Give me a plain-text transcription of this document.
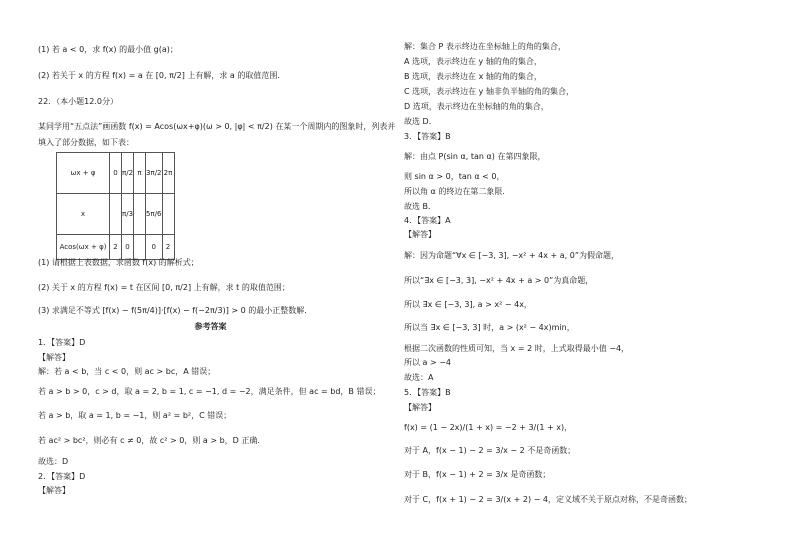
(1) 若 a < 0，求 f(x) 的最小值 g(a)；
(2) 若关于 x 的方程 f(x) = a 在 [0, π/2] 上有解，求 a 的取值范围．
22．（本小题12.0分）
某同学用“五点法”画函数 f(x) = Acos(ωx+φ)(ω > 0, |φ| < π/2) 在某一个周期内的图象时，列表并
填入了部分数据，如下表：
ωx + φ	0	π/2	π	3π/2	2π
x		π/3		5π/6	
Acos(ωx + φ)	2	0		0	2
(1) 请根据上表数据，求函数 f(x) 的解析式；
(2) 关于 x 的方程 f(x) = t 在区间 [0, π/2] 上有解，求 t 的取值范围；
(3) 求满足不等式 [f(x) − f(5π/4)]·[f(x) − f(−2π/3)] > 0 的最小正整数解．
参考答案
1．【答案】D
【解答】
解：若 a < b，当 c < 0，则 ac > bc，A 错误；
若 a > b > 0，c > d，取 a = 2, b = 1, c = −1, d = −2，满足条件，但 ac = bd，B 错误；
若 a > b，取 a = 1, b = −1，则 a² = b²，C 错误；
若 ac² > bc²，则必有 c ≠ 0，故 c² > 0，则 a > b，D 正确．
故选：D
2．【答案】D
【解答】
解：集合 P 表示终边在坐标轴上的角的集合，
A 选项，表示终边在 y 轴的角的集合，
B 选项，表示终边在 x 轴的角的集合，
C 选项，表示终边在 y 轴非负半轴的角的集合，
D 选项，表示终边在坐标轴的角的集合，
故选 D．
3．【答案】B
解：由点 P(sin α, tan α) 在第四象限，
则 sin α > 0，tan α < 0，
所以角 α 的终边在第二象限．
故选 B．
4．【答案】A
【解答】
解：因为命题“∀x ∈ [−3, 3], −x² + 4x + a, 0”为假命题，
所以“∃x ∈ [−3, 3], −x² + 4x + a > 0”为真命题，
所以 ∃x ∈ [−3, 3], a > x² − 4x，
所以当 ∃x ∈ [−3, 3] 时，a > (x² − 4x)min，
根据二次函数的性质可知，当 x = 2 时，上式取得最小值 −4，
所以 a > −4
故选：A
5．【答案】B
【解答】
f(x) = (1 − 2x)/(1 + x) = −2 + 3/(1 + x)，
对于 A，f(x − 1) − 2 = 3/x − 2 不是奇函数；
对于 B，f(x − 1) + 2 = 3/x 是奇函数；
对于 C，f(x + 1) − 2 = 3/(x + 2) − 4，定义域不关于原点对称，不是奇函数；
